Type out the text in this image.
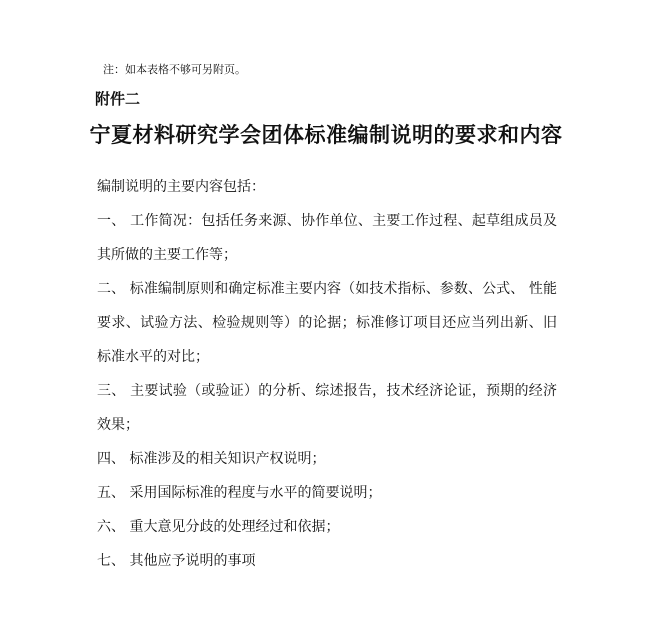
注：如本表格不够可另附页。
附件二
宁夏材料研究学会团体标准编制说明的要求和内容
编制说明的主要内容包括：
一、 工作简况：包括任务来源、协作单位、主要工作过程、起草组成员及其所做的主要工作等；
二、 标准编制原则和确定标准主要内容（如技术指标、参数、公式、 性能要求、试验方法、检验规则等）的论据；标准修订项目还应当列出新、旧标准水平的对比；
三、 主要试验（或验证）的分析、综述报告，技术经济论证，预期的经济效果；
四、 标准涉及的相关知识产权说明；
五、 采用国际标准的程度与水平的简要说明；
六、 重大意见分歧的处理经过和依据；
七、 其他应予说明的事项
